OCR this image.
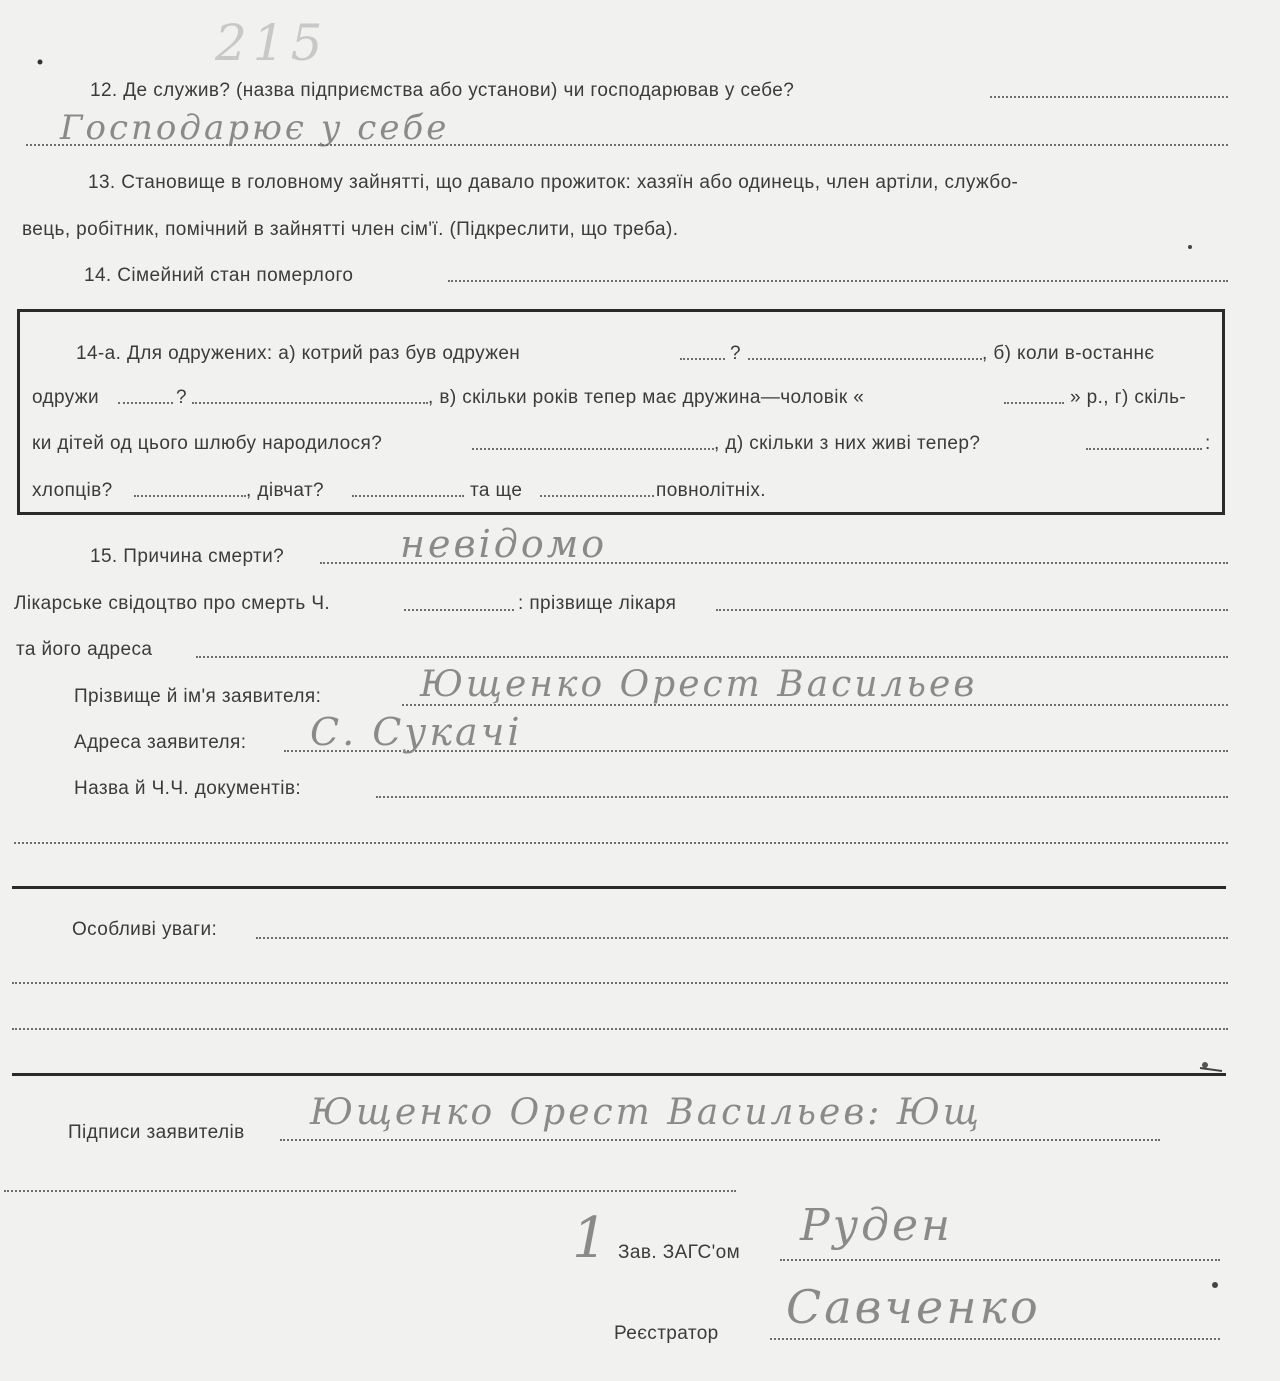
215
12. Де служив? (назва підприємства або установи) чи господарював у себе?
Господарює у себе
13. Становище в головному зайнятті, що давало прожиток: хазяїн або одинець, член артіли, службо-
вець, робітник, помічний в зайнятті член сім'ї. (Підкреслити, що треба).
14. Сімейний стан померлого
14-а. Для одружених: а) котрий раз був одружен	?	, б) коли в-останнє
одружи	?	, в) скільки років тепер має дружина—чоловік «	» р., г) скіль-
ки дітей од цього шлюбу народилося?	, д) скільки з них живі тепер?	:
хлопців?	, дівчат?	та ще	повнолітніх.
15. Причина смерти?	невідомо
Лікарське свідоцтво про смерть Ч.	: прізвище лікаря
та його адреса
Прізвище й ім'я заявителя:	Ющенко Орест Васильев
Адреса заявителя: С. Сукачі
Назва й Ч.Ч. документів:
Особливі уваги:
Підписи заявителів Ющенко Орест Васильев: Ющ
1 Зав. ЗАГС'ом
Руден
Реєстратор Савченко
